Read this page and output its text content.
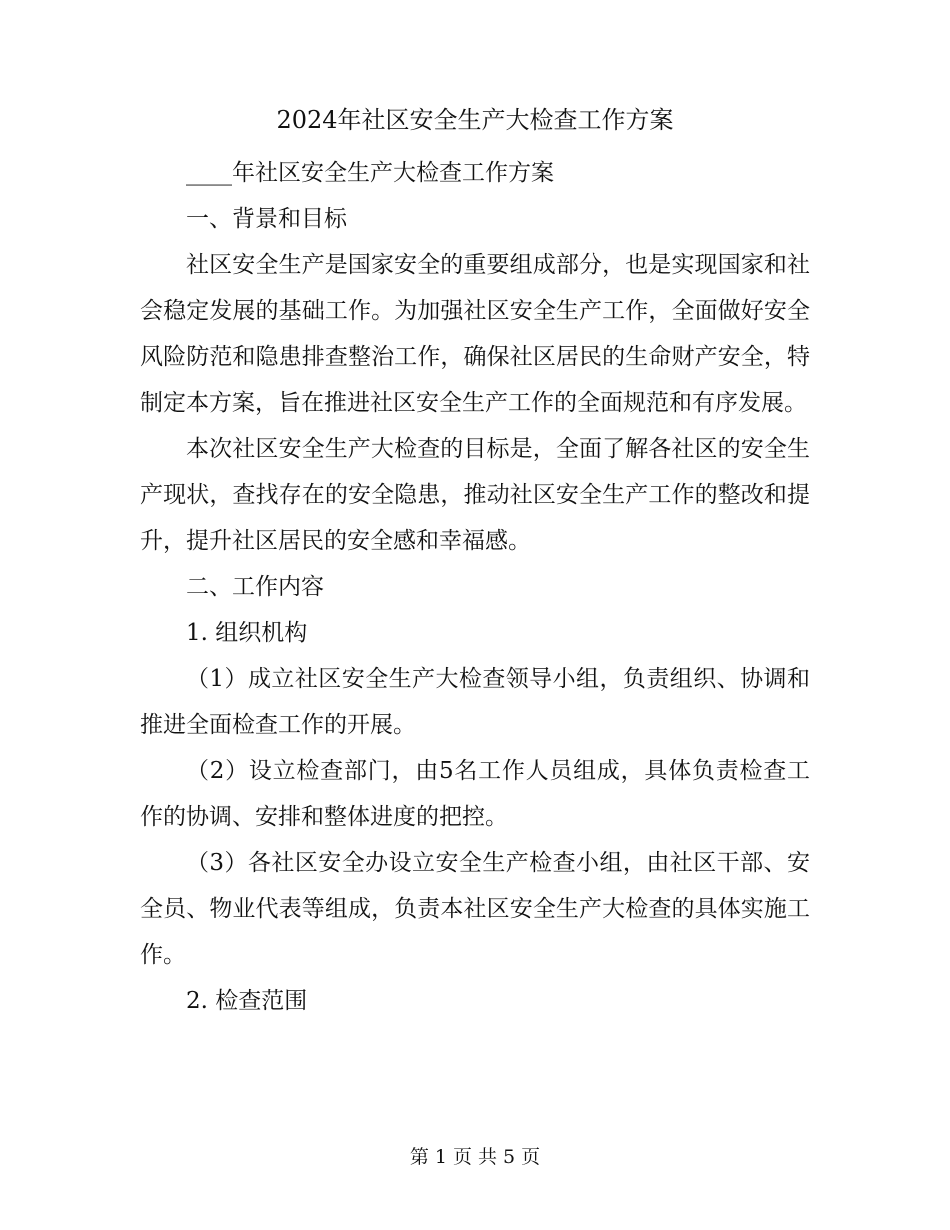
2024年社区安全生产大检查工作方案

____年社区安全生产大检查工作方案

一、背景和目标

社区安全生产是国家安全的重要组成部分，也是实现国家和社会稳定发展的基础工作。为加强社区安全生产工作，全面做好安全风险防范和隐患排查整治工作，确保社区居民的生命财产安全，特制定本方案，旨在推进社区安全生产工作的全面规范和有序发展。

本次社区安全生产大检查的目标是，全面了解各社区的安全生产现状，查找存在的安全隐患，推动社区安全生产工作的整改和提升，提升社区居民的安全感和幸福感。

二、工作内容

1. 组织机构

（1）成立社区安全生产大检查领导小组，负责组织、协调和推进全面检查工作的开展。

（2）设立检查部门，由5名工作人员组成，具体负责检查工作的协调、安排和整体进度的把控。

（3）各社区安全办设立安全生产检查小组，由社区干部、安全员、物业代表等组成，负责本社区安全生产大检查的具体实施工作。

2. 检查范围

第 1 页 共 5 页
